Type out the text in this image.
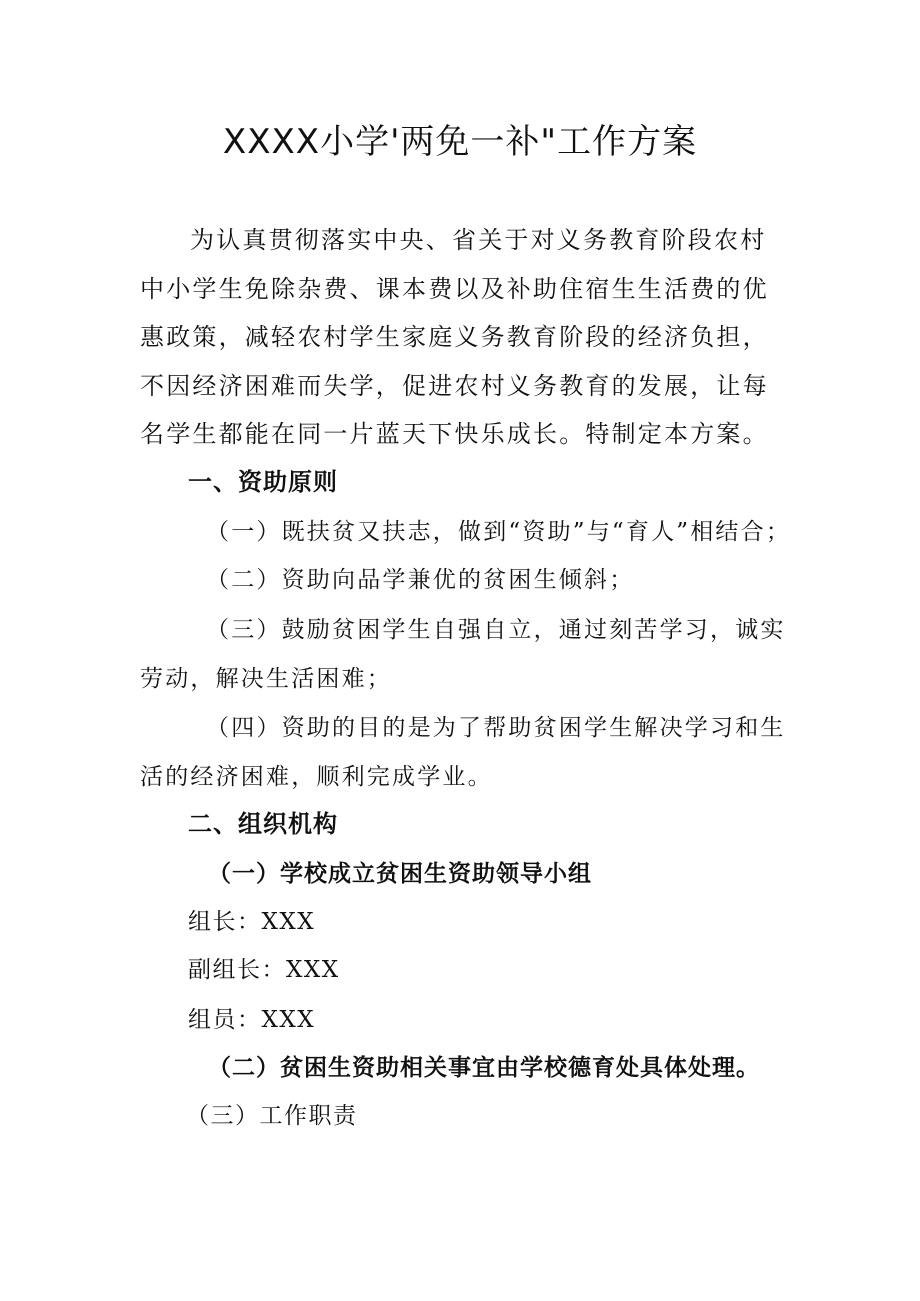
XXXX小学'两免一补"工作方案

为认真贯彻落实中央、省关于对义务教育阶段农村中小学生免除杂费、课本费以及补助住宿生生活费的优惠政策，减轻农村学生家庭义务教育阶段的经济负担，不因经济困难而失学，促进农村义务教育的发展，让每名学生都能在同一片蓝天下快乐成长。特制定本方案。

一、资助原则

（一）既扶贫又扶志，做到“资助”与“育人”相结合；

（二）资助向品学兼优的贫困生倾斜；

（三）鼓励贫困学生自强自立，通过刻苦学习，诚实劳动，解决生活困难；

（四）资助的目的是为了帮助贫困学生解决学习和生活的经济困难，顺利完成学业。

二、组织机构
（一）学校成立贫困生资助领导小组

组长：XXX

副组长：XXX

组员：XXX

（二）贫困生资助相关事宜由学校德育处具体处理。

（三）工作职责
